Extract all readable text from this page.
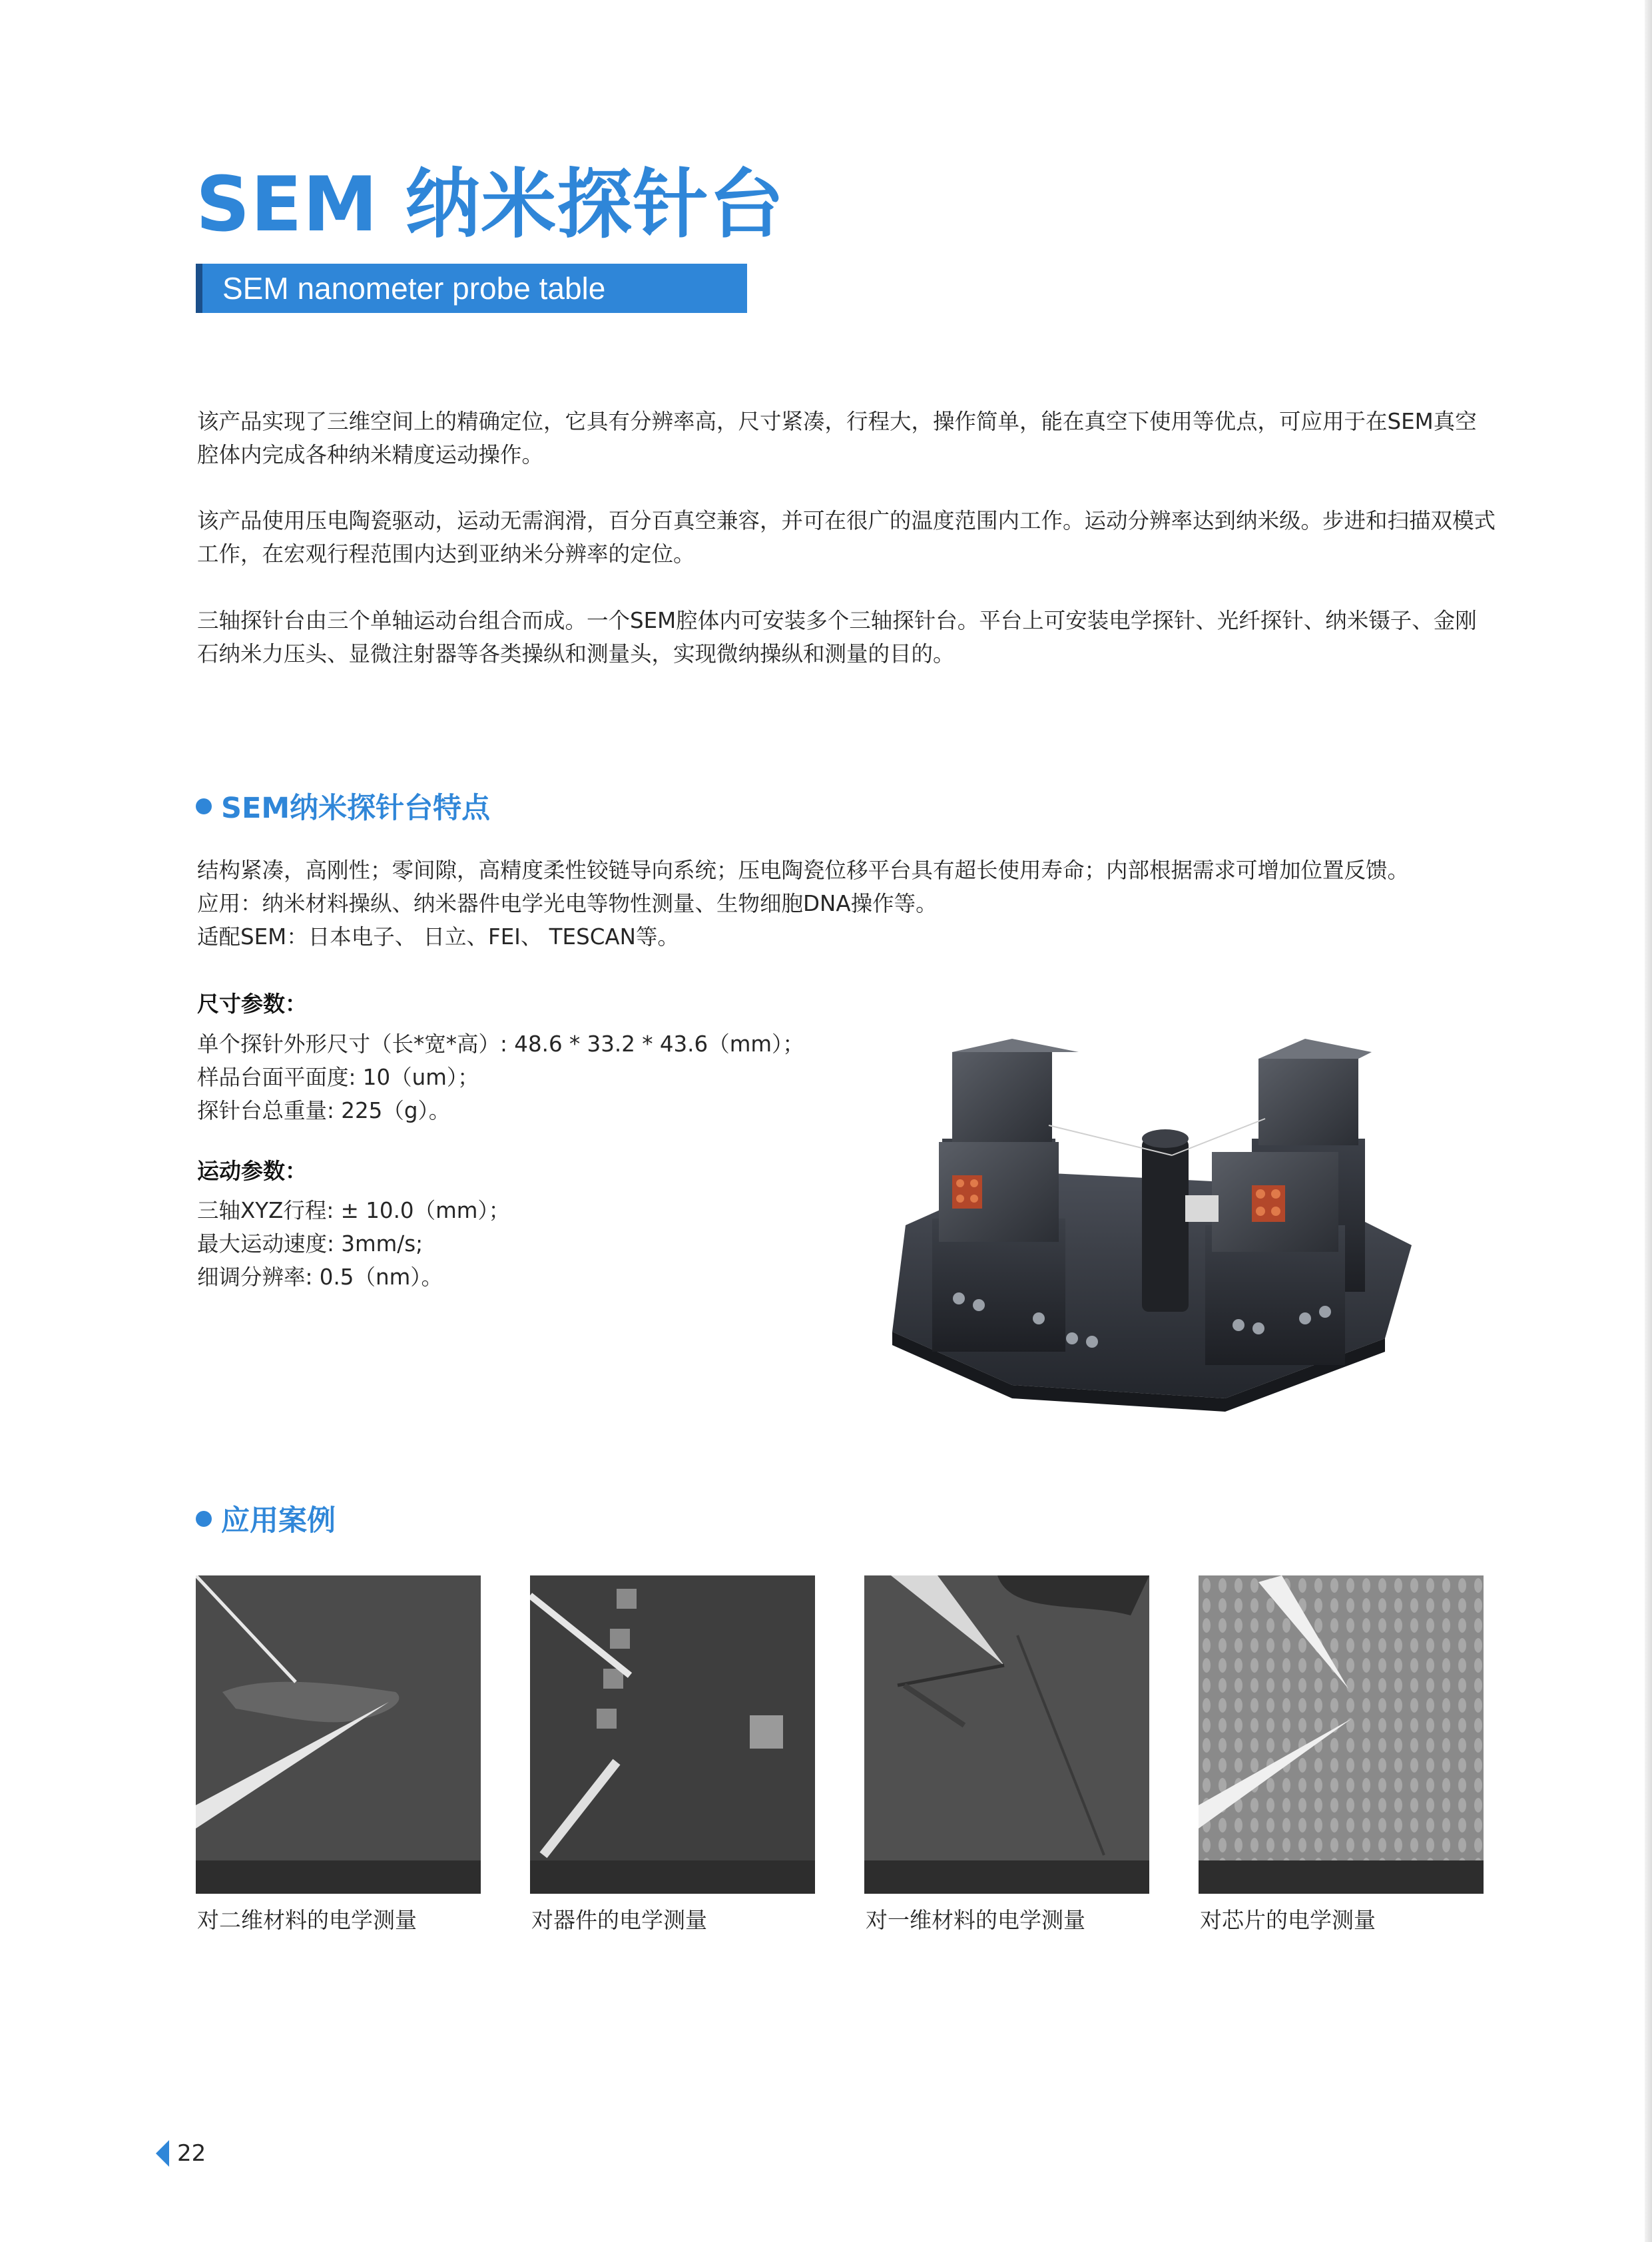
SEM 纳米探针台
SEM nanometer probe table
该产品实现了三维空间上的精确定位，它具有分辨率高，尺寸紧凑，行程大，操作简单，能在真空下使用等优点，可应用于在SEM真空腔体内完成各种纳米精度运动操作。
该产品使用压电陶瓷驱动，运动无需润滑，百分百真空兼容，并可在很广的温度范围内工作。运动分辨率达到纳米级。步进和扫描双模式工作，在宏观行程范围内达到亚纳米分辨率的定位。
三轴探针台由三个单轴运动台组合而成。一个SEM腔体内可安装多个三轴探针台。平台上可安装电学探针、光纤探针、纳米镊子、金刚石纳米力压头、显微注射器等各类操纵和测量头，实现微纳操纵和测量的目的。
SEM纳米探针台特点
结构紧凑，高刚性；零间隙，高精度柔性铰链导向系统；压电陶瓷位移平台具有超长使用寿命；内部根据需求可增加位置反馈。
应用：纳米材料操纵、纳米器件电学光电等物性测量、生物细胞DNA操作等。
适配SEM：日本电子、 日立、FEI、 TESCAN等。
尺寸参数：
单个探针外形尺寸（长*宽*高）: 48.6 * 33.2 * 43.6（mm）；
样品台面平面度: 10（um）；
探针台总重量: 225（g）。
运动参数：
三轴XYZ行程: ± 10.0（mm）；
最大运动速度: 3mm/s;
细调分辨率: 0.5（nm）。
应用案例
对二维材料的电学测量	对器件的电学测量	对一维材料的电学测量	对芯片的电学测量
22
